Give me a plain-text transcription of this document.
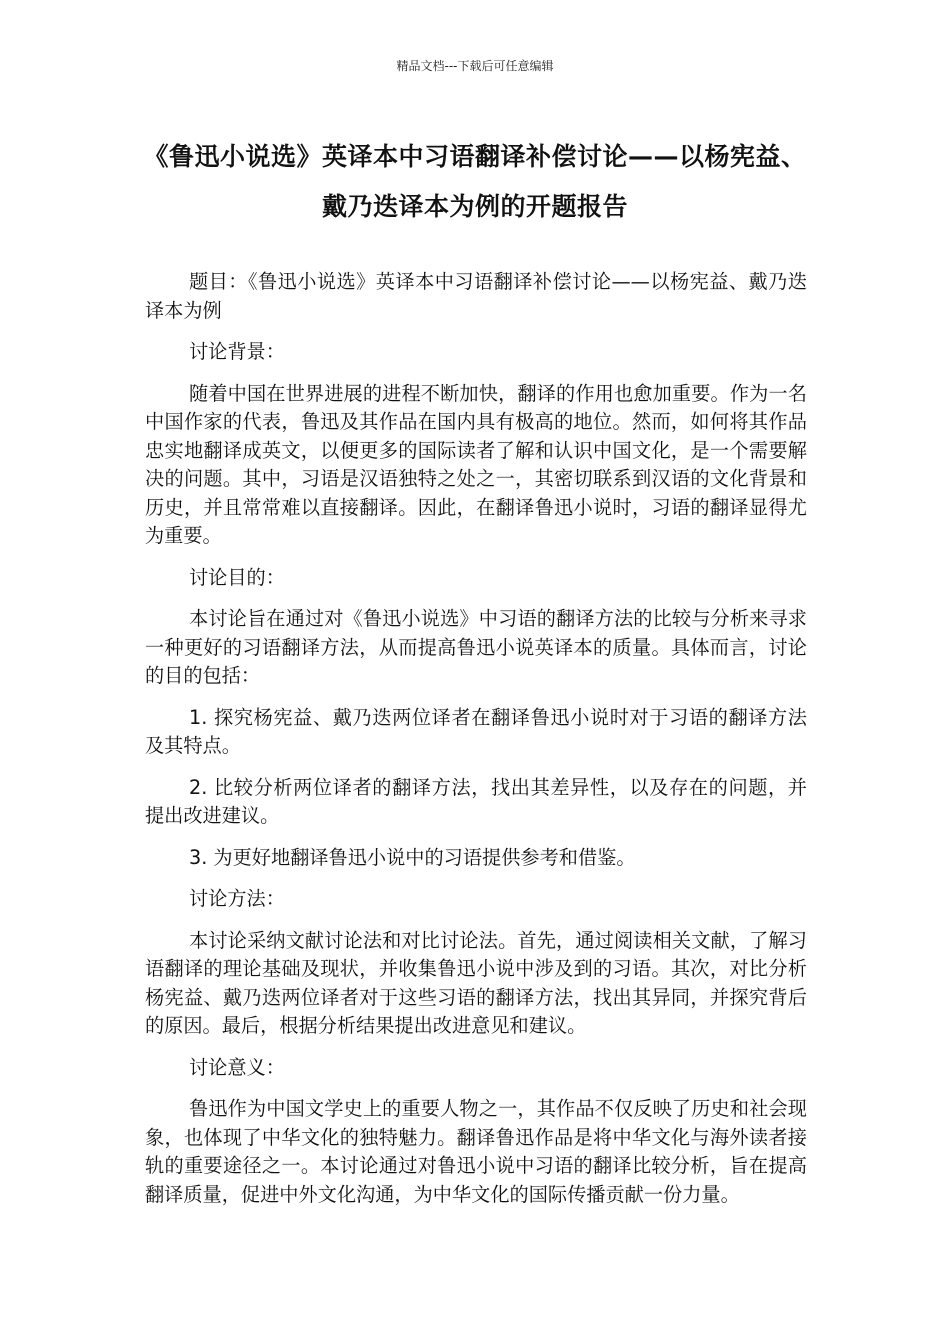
精品文档---下载后可任意编辑
《鲁迅小说选》英译本中习语翻译补偿讨论——以杨宪益、戴乃迭译本为例的开题报告

题目：《鲁迅小说选》英译本中习语翻译补偿讨论——以杨宪益、戴乃迭译本为例

讨论背景：

随着中国在世界进展的进程不断加快，翻译的作用也愈加重要。作为一名中国作家的代表，鲁迅及其作品在国内具有极高的地位。然而，如何将其作品忠实地翻译成英文，以便更多的国际读者了解和认识中国文化，是一个需要解决的问题。其中，习语是汉语独特之处之一，其密切联系到汉语的文化背景和历史，并且常常难以直接翻译。因此，在翻译鲁迅小说时，习语的翻译显得尤为重要。

讨论目的：

本讨论旨在通过对《鲁迅小说选》中习语的翻译方法的比较与分析来寻求一种更好的习语翻译方法，从而提高鲁迅小说英译本的质量。具体而言，讨论的目的包括：

1. 探究杨宪益、戴乃迭两位译者在翻译鲁迅小说时对于习语的翻译方法及其特点。

2. 比较分析两位译者的翻译方法，找出其差异性，以及存在的问题，并提出改进建议。

3. 为更好地翻译鲁迅小说中的习语提供参考和借鉴。

讨论方法：

本讨论采纳文献讨论法和对比讨论法。首先，通过阅读相关文献，了解习语翻译的理论基础及现状，并收集鲁迅小说中涉及到的习语。其次，对比分析杨宪益、戴乃迭两位译者对于这些习语的翻译方法，找出其异同，并探究背后的原因。最后，根据分析结果提出改进意见和建议。

讨论意义：

鲁迅作为中国文学史上的重要人物之一，其作品不仅反映了历史和社会现象，也体现了中华文化的独特魅力。翻译鲁迅作品是将中华文化与海外读者接轨的重要途径之一。本讨论通过对鲁迅小说中习语的翻译比较分析，旨在提高翻译质量，促进中外文化沟通，为中华文化的国际传播贡献一份力量。
